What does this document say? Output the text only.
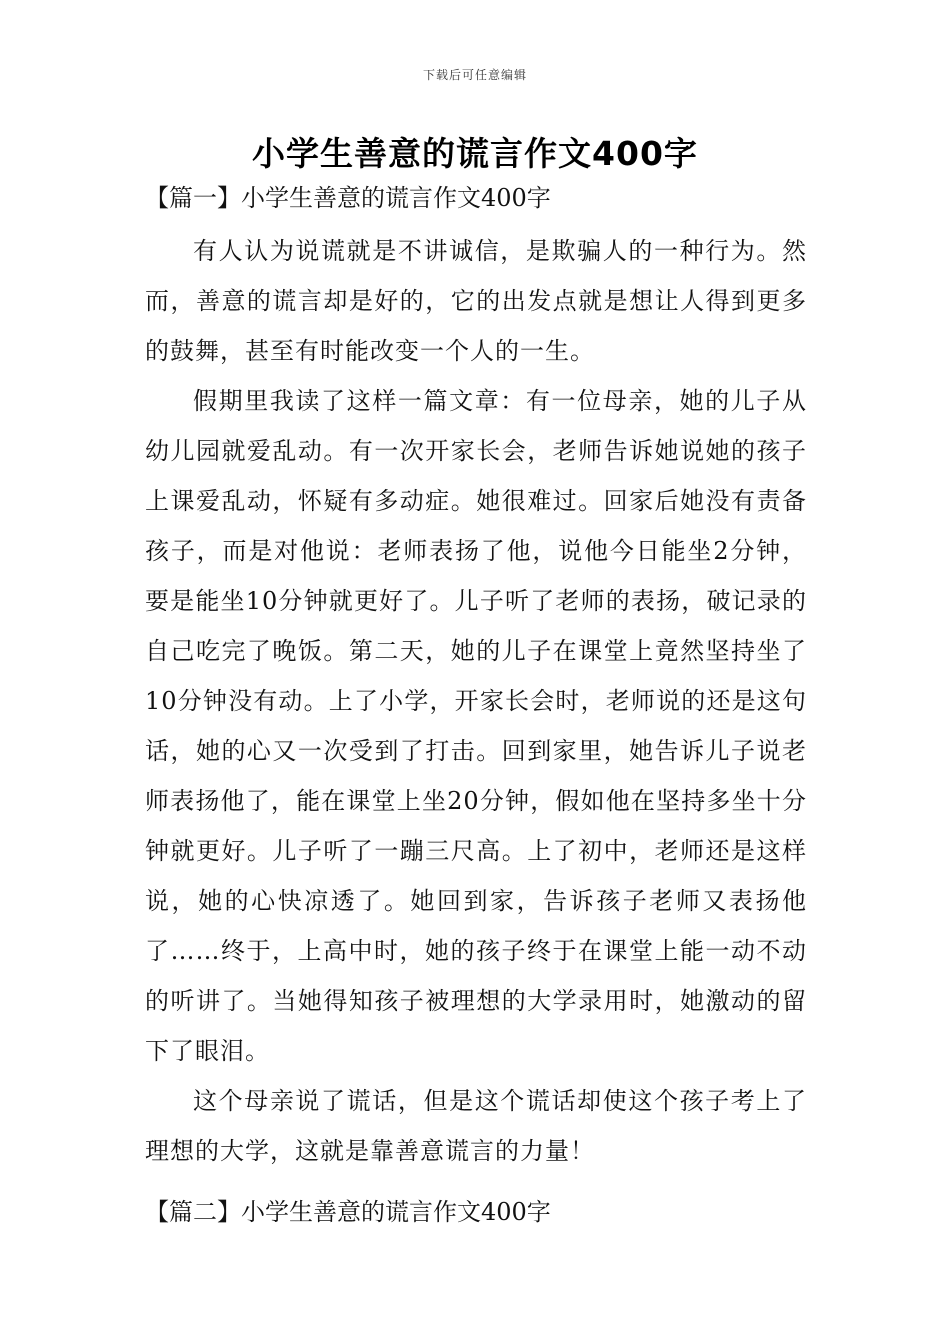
下载后可任意编辑
小学生善意的谎言作文400字
【篇一】小学生善意的谎言作文400字

有人认为说谎就是不讲诚信，是欺骗人的一种行为。然而，善意的谎言却是好的，它的出发点就是想让人得到更多的鼓舞，甚至有时能改变一个人的一生。

假期里我读了这样一篇文章：有一位母亲，她的儿子从幼儿园就爱乱动。有一次开家长会，老师告诉她说她的孩子上课爱乱动，怀疑有多动症。她很难过。回家后她没有责备孩子，而是对他说：老师表扬了他，说他今日能坐2分钟，要是能坐10分钟就更好了。儿子听了老师的表扬，破记录的自己吃完了晚饭。第二天，她的儿子在课堂上竟然坚持坐了10分钟没有动。上了小学，开家长会时，老师说的还是这句话，她的心又一次受到了打击。回到家里，她告诉儿子说老师表扬他了，能在课堂上坐20分钟，假如他在坚持多坐十分钟就更好。儿子听了一蹦三尺高。上了初中，老师还是这样说，她的心快凉透了。她回到家，告诉孩子老师又表扬他了……终于，上高中时，她的孩子终于在课堂上能一动不动的听讲了。当她得知孩子被理想的大学录用时，她激动的留下了眼泪。

这个母亲说了谎话，但是这个谎话却使这个孩子考上了理想的大学，这就是靠善意谎言的力量！

【篇二】小学生善意的谎言作文400字
